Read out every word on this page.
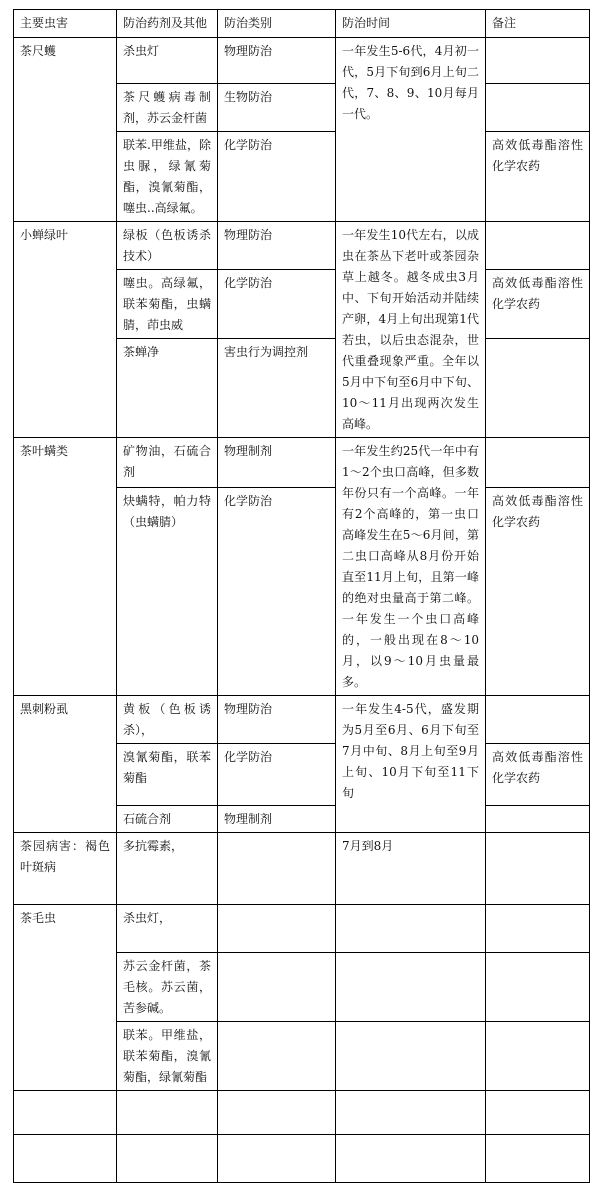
主要虫害	防治药剂及其他	防治类别	防治时间	备注
茶尺蠖	杀虫灯	物理防治	一年发生5-6代，4月初一代，5月下旬到6月上旬二代，7、8、9、10月每月一代。	
	茶尺蠖病毒制剂，苏云金杆菌	生物防治		
	联苯.甲维盐，除虫脲，绿氰菊酯，溴氰菊酯，噻虫..高绿氟。	化学防治		高效低毒酯溶性化学农药
小蝉绿叶	绿板（色板诱杀技术）	物理防治	一年发生10代左右，以成虫在茶丛下老叶或茶园杂草上越冬。越冬成虫3月中、下旬开始活动并陆续产卵，4月上旬出现第1代若虫，以后虫态混杂，世代重叠现象严重。全年以5月中下旬至6月中下旬、10～11月出现两次发生高峰。	
	噻虫。高绿氟，联苯菊酯，虫螨腈，茚虫威	化学防治		高效低毒酯溶性化学农药
	茶蝉净	害虫行为调控剂		
茶叶螨类	矿物油，石硫合剂	物理制剂	一年发生约25代一年中有1～2个虫口高峰，但多数年份只有一个高峰。一年有2个高峰的，第一虫口高峰发生在5～6月间，第二虫口高峰从8月份开始直至11月上旬，且第一峰的绝对虫量高于第二峰。一年发生一个虫口高峰的，一般出现在8～10月，以9～10月虫量最多。	
	炔螨特，帕力特（虫螨腈）	化学防治		高效低毒酯溶性化学农药
黑刺粉虱	黄板（色板诱杀），	物理防治	一年发生4-5代，盛发期为5月至6月、6月下旬至7月中旬、8月上旬至9月上旬、10月下旬至11下旬	
	溴氰菊酯，联苯菊酯	化学防治		高效低毒酯溶性化学农药
	石硫合剂	物理制剂		
茶园病害：褐色叶斑病	多抗霉素，		7月到8月	
茶毛虫	杀虫灯，			
	苏云金杆菌，茶毛核。苏云菌，苦参碱。			
	联苯。甲维盐，联苯菊酯，溴氰菊酯，绿氰菊酯			
